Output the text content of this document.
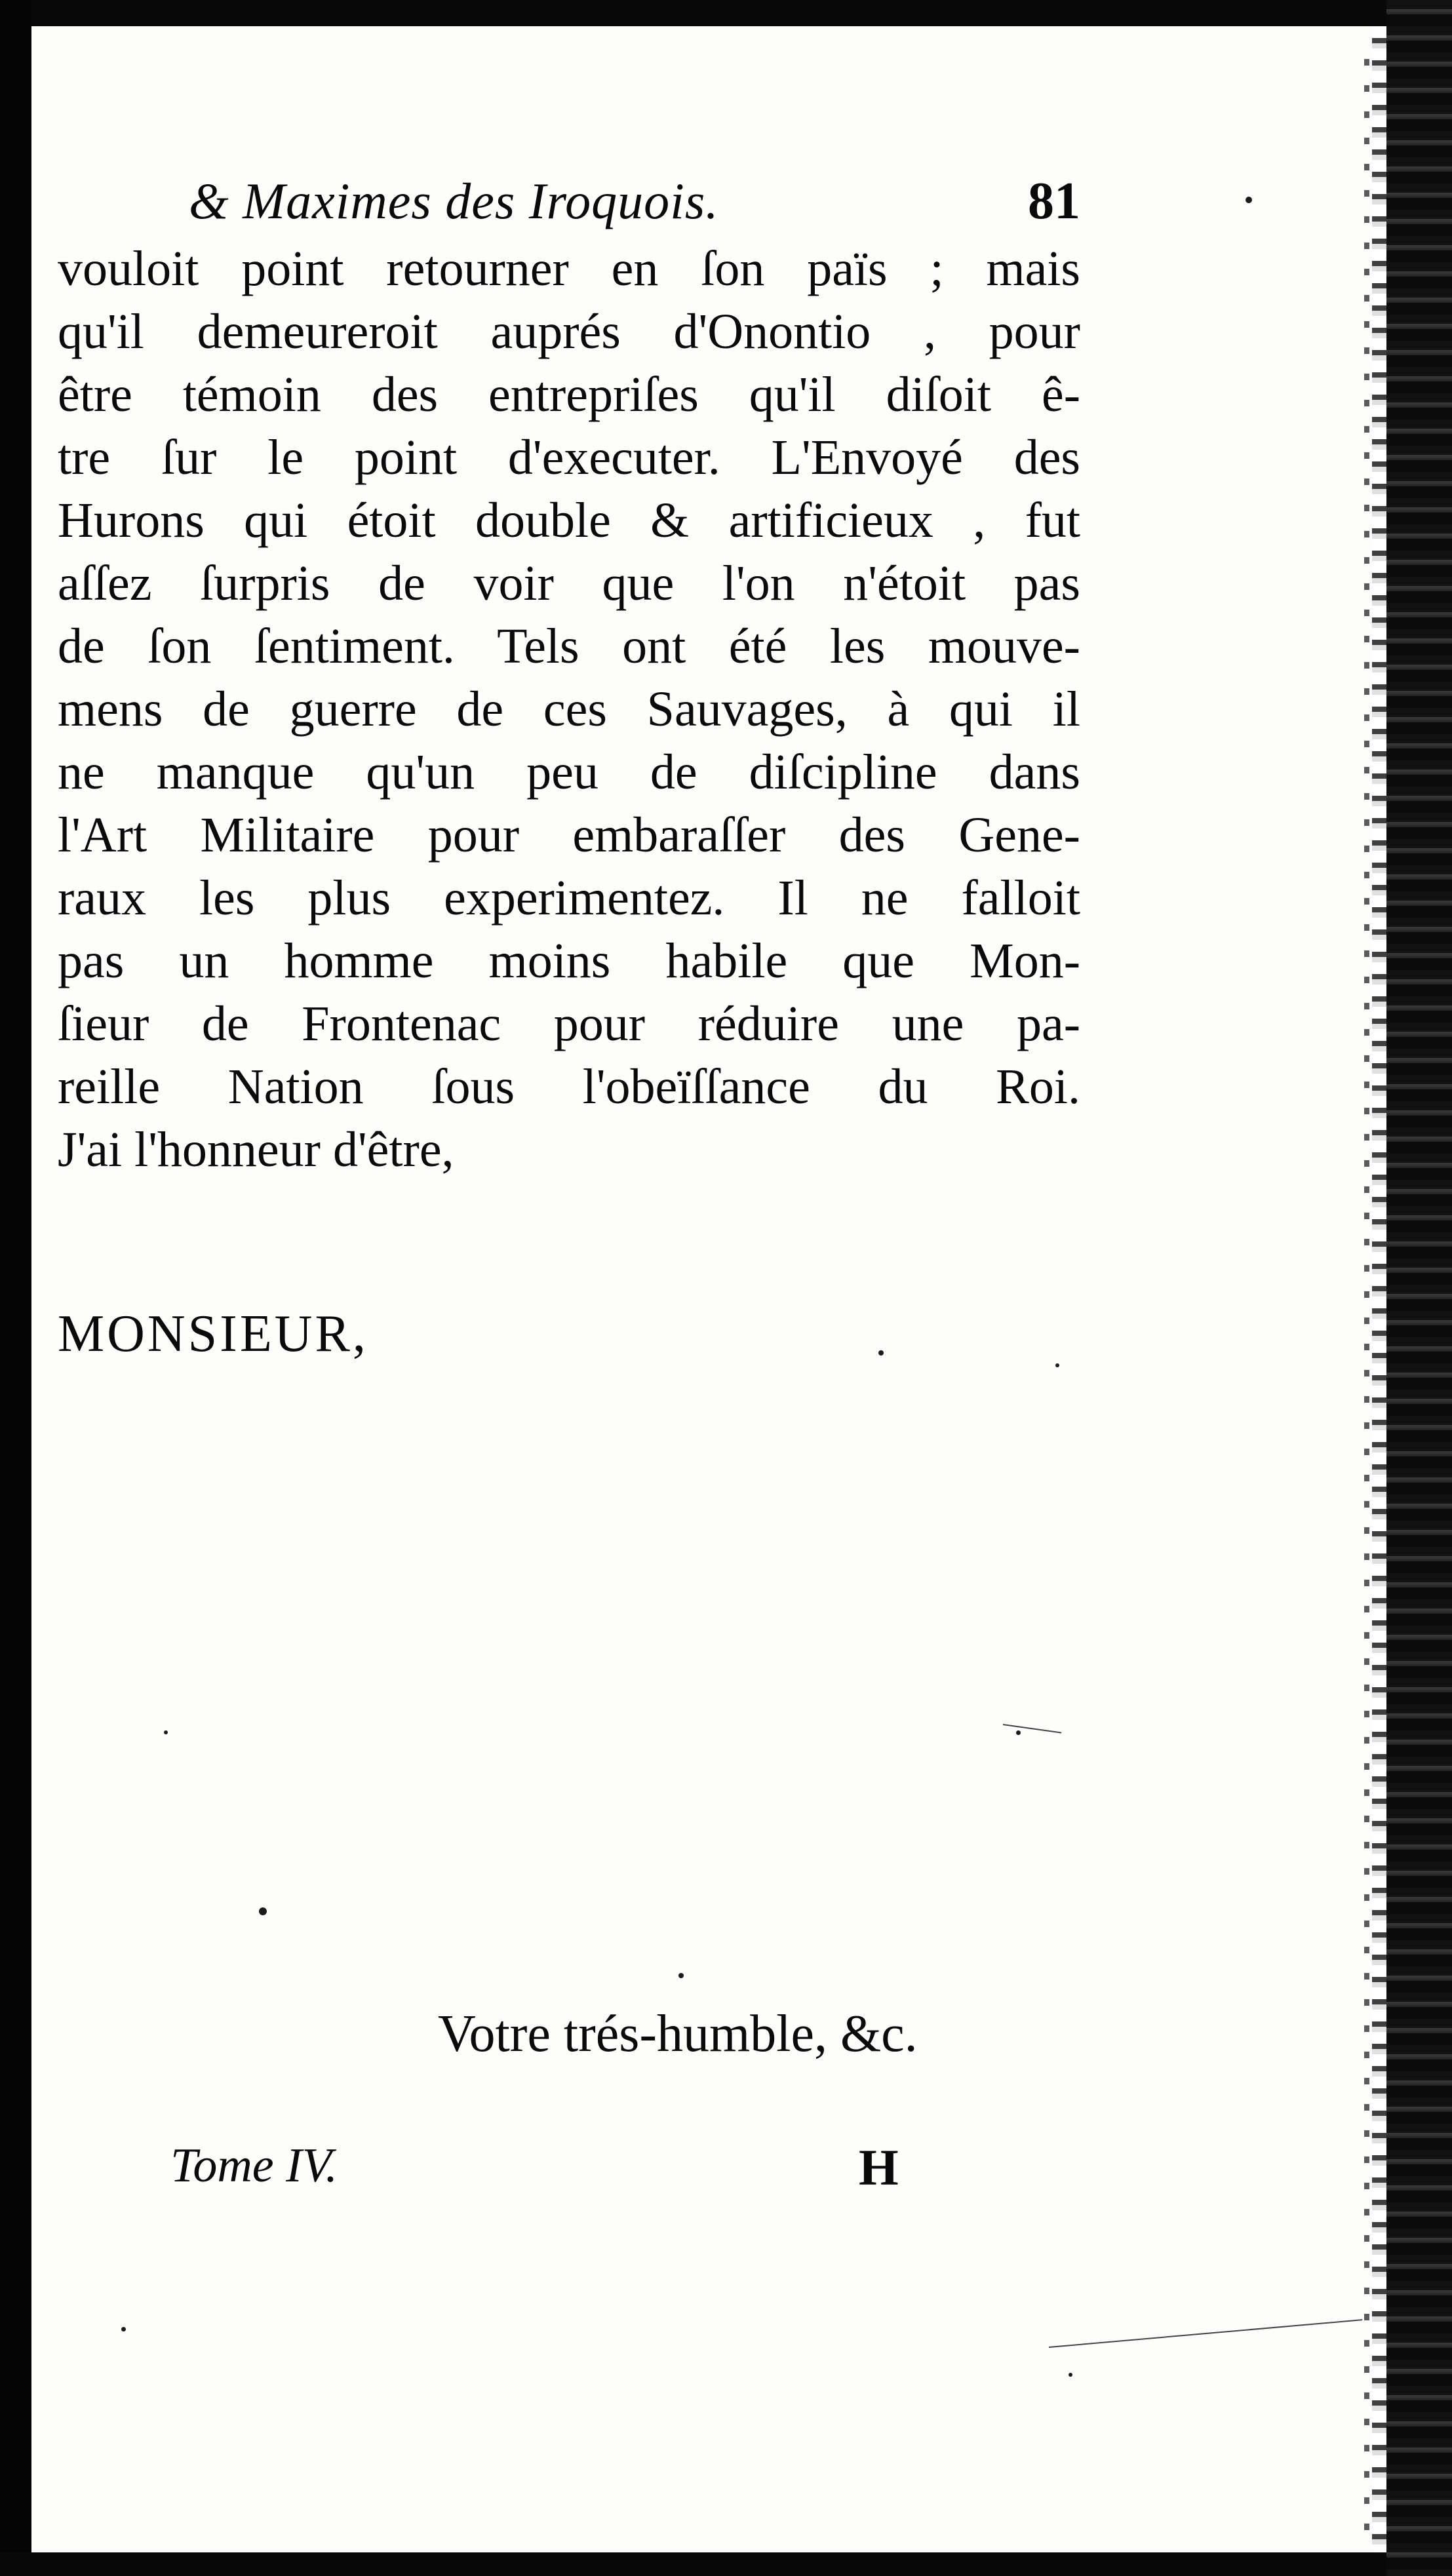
& Maximes des Iroquois.	81
vouloit point retourner en ſon païs ; mais
qu'il demeureroit auprés d'Onontio , pour
être témoin des entrepriſes qu'il diſoit ê-
tre ſur le point d'executer. L'Envoyé des
Hurons qui étoit double & artificieux , fut
aſſez ſurpris de voir que l'on n'étoit pas
de ſon ſentiment. Tels ont été les mouve-
mens de guerre de ces Sauvages, à qui il
ne manque qu'un peu de diſcipline dans
l'Art Militaire pour embaraſſer des Gene-
raux les plus experimentez. Il ne falloit
pas un homme moins habile que Mon-
ſieur de Frontenac pour réduire une pa-
reille Nation ſous l'obeïſſance du Roi.
J'ai l'honneur d'être,
MONSIEUR,
Votre trés-humble, &c.
Tome IV.	H
